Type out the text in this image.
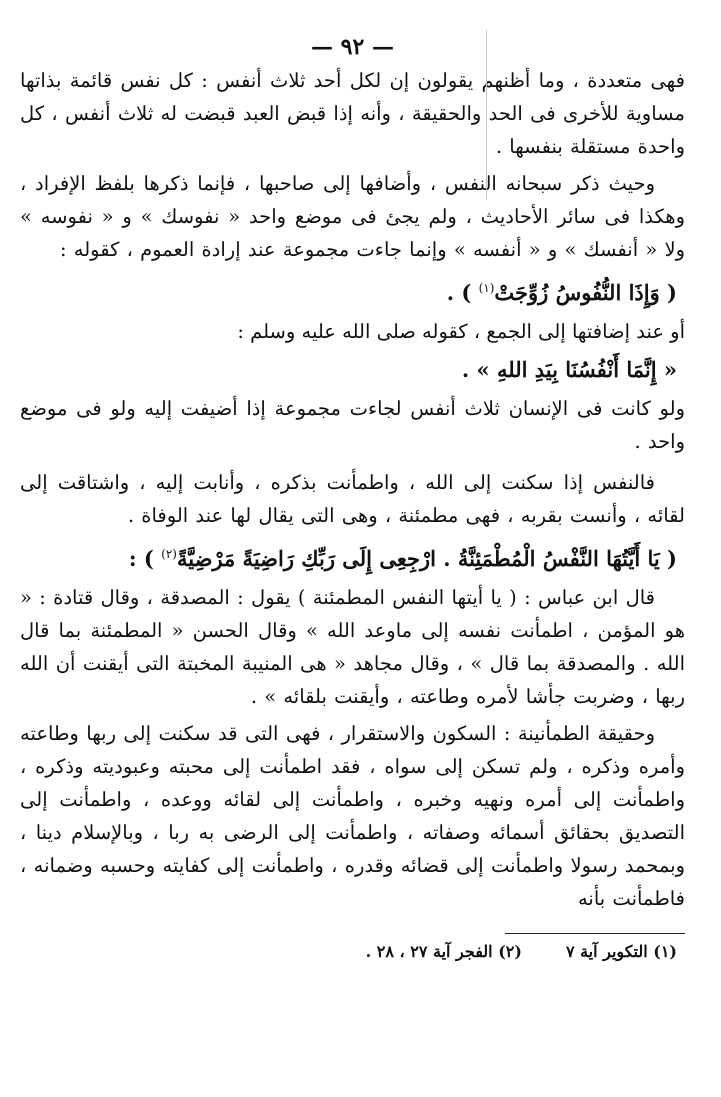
— ٩٢ —

فهى متعددة ، وما أظنهم يقولون إن لكل أحد ثلاث أنفس : كل نفس قائمة بذاتها مساوية للأخرى فى الحد والحقيقة ، وأنه إذا قبض العبد قبضت له ثلاث أنفس ، كل واحدة مستقلة بنفسها .

وحيث ذكر سبحانه النفس ، وأضافها إلى صاحبها ، فإنما ذكرها بلفظ الإفراد ، وهكذا فى سائر الأحاديث ، ولم يجئ فى موضع واحد « نفوسك » و « نفوسه » ولا « أنفسك » و « أنفسه » وإنما جاءت مجموعة عند إرادة العموم ، كقوله :

( وَإِذَا النُّفُوسُ زُوِّجَتْ$^{(١)}$ ) .
أو عند إضافتها إلى الجمع ، كقوله صلى الله عليه وسلم :
« إِنَّمَا أَنْفُسُنَا بِيَدِ اللهِ » .

ولو كانت فى الإنسان ثلاث أنفس لجاءت مجموعة إذا أضيفت إليه ولو فى موضع واحد .

فالنفس إذا سكنت إلى الله ، واطمأنت بذكره ، وأنابت إليه ، واشتاقت إلى لقائه ، وأنست بقربه ، فهى مطمئنة ، وهى التى يقال لها عند الوفاة .

( يَا أَيَّتُهَا النَّفْسُ الْمُطْمَئِنَّةُ . ارْجِعِى إِلَى رَبِّكِ رَاضِيَةً مَرْضِيَّةً$^{(٢)}$ ) :

قال ابن عباس : ( يا أيتها النفس المطمئنة ) يقول : المصدقة ، وقال قتادة : « هو المؤمن ، اطمأنت نفسه إلى ماوعد الله » وقال الحسن « المطمئنة بما قال الله . والمصدقة بما قال » ، وقال مجاهد « هى المنيبة المخبتة التى أيقنت أن الله ربها ، وضربت جأشا لأمره وطاعته ، وأيقنت بلقائه » .

وحقيقة الطمأنينة : السكون والاستقرار ، فهى التى قد سكنت إلى ربها وطاعته وأمره وذكره ، ولم تسكن إلى سواه ، فقد اطمأنت إلى محبته وعبوديته وذكره ، واطمأنت إلى أمره ونهيه وخبره ، واطمأنت إلى لقائه ووعده ، واطمأنت إلى التصديق بحقائق أسمائه وصفاته ، واطمأنت إلى الرضى به ربا ، وبالإسلام دينا ، وبمحمد رسولا واطمأنت إلى قضائه وقدره ، واطمأنت إلى كفايته وحسبه وضمانه ، فاطمأنت بأنه

(١) التكوير آية ٧
(٢) الفجر آية ٢٧ ، ٢٨ .
